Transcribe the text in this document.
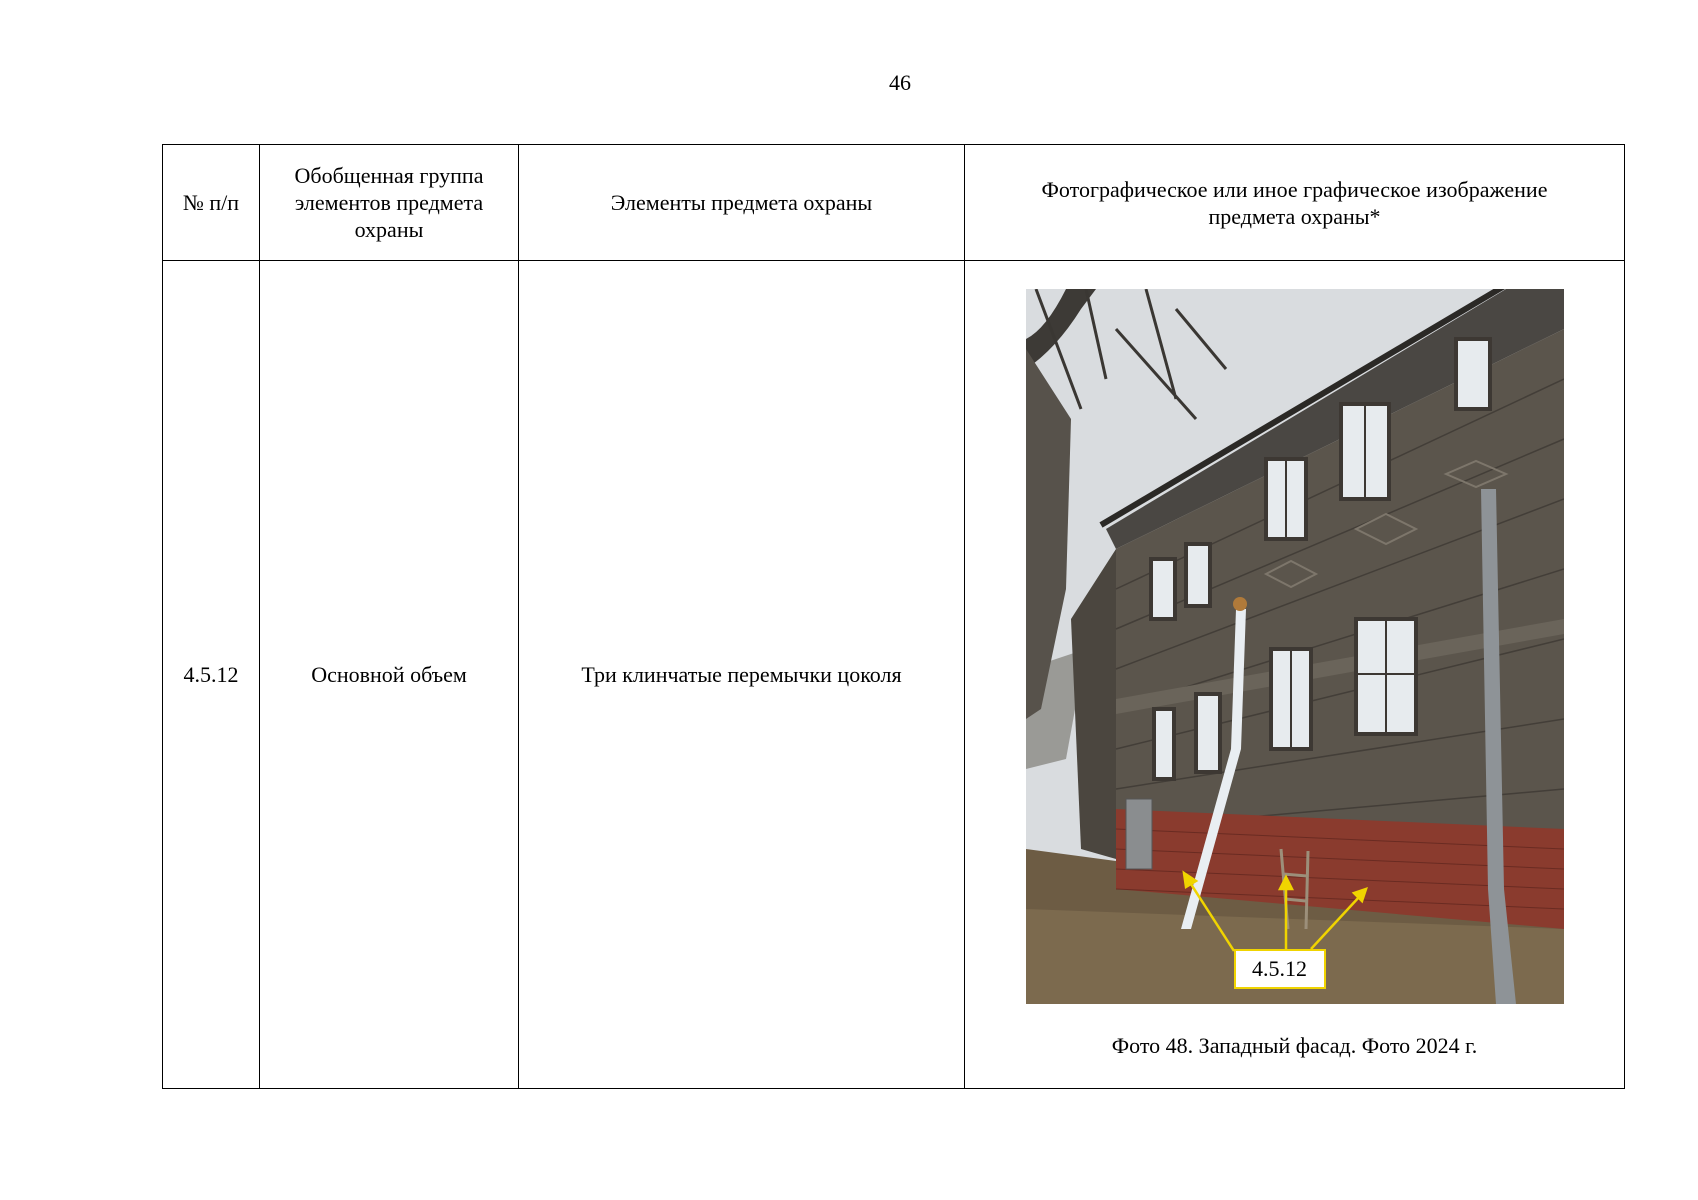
46
№ п/п	Обобщенная группа элементов предмета охраны	Элементы предмета охраны	Фотографическое или иное графическое изображение предмета охраны*
4.5.12	Основной объем	Три клинчатые перемычки цоколя	4.5.12
Фото 48. Западный фасад. Фото 2024 г.
